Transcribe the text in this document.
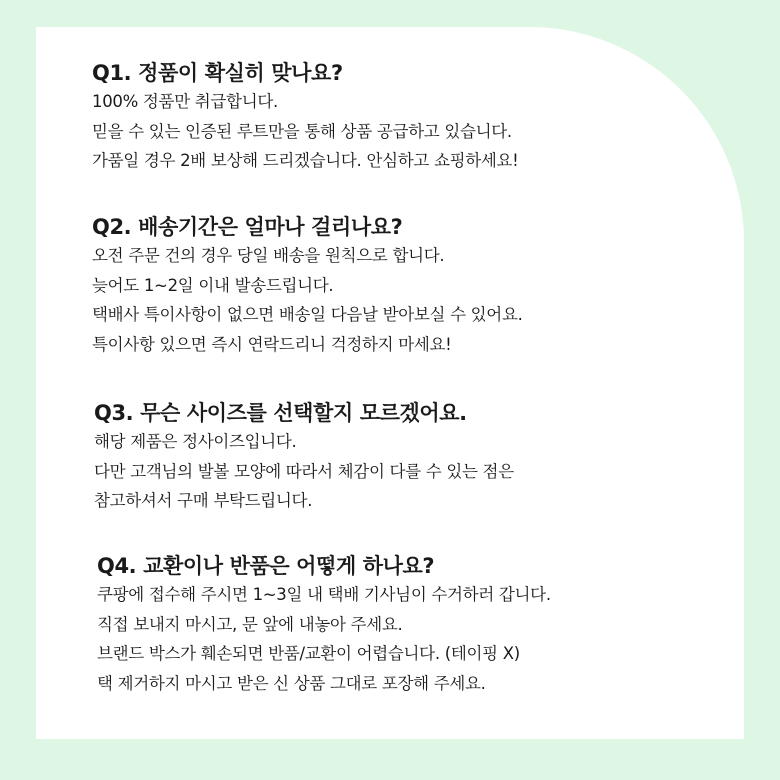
Q1. 정품이 확실히 맞나요?

100% 정품만 취급합니다.

믿을 수 있는 인증된 루트만을 통해 상품 공급하고 있습니다.

가품일 경우 2배 보상해 드리겠습니다. 안심하고 쇼핑하세요!

Q2. 배송기간은 얼마나 걸리나요?

오전 주문 건의 경우 당일 배송을 원칙으로 합니다.

늦어도 1~2일 이내 발송드립니다.

택배사 특이사항이 없으면 배송일 다음날 받아보실 수 있어요.

특이사항 있으면 즉시 연락드리니 걱정하지 마세요!

Q3. 무슨 사이즈를 선택할지 모르겠어요.

해당 제품은 정사이즈입니다.

다만 고객님의 발볼 모양에 따라서 체감이 다를 수 있는 점은

참고하셔서 구매 부탁드립니다.

Q4. 교환이나 반품은 어떻게 하나요?

쿠팡에 접수해 주시면 1~3일 내 택배 기사님이 수거하러 갑니다.

직접 보내지 마시고, 문 앞에 내놓아 주세요.

브랜드 박스가 훼손되면 반품/교환이 어렵습니다. (테이핑 X)

택 제거하지 마시고 받은 신 상품 그대로 포장해 주세요.
